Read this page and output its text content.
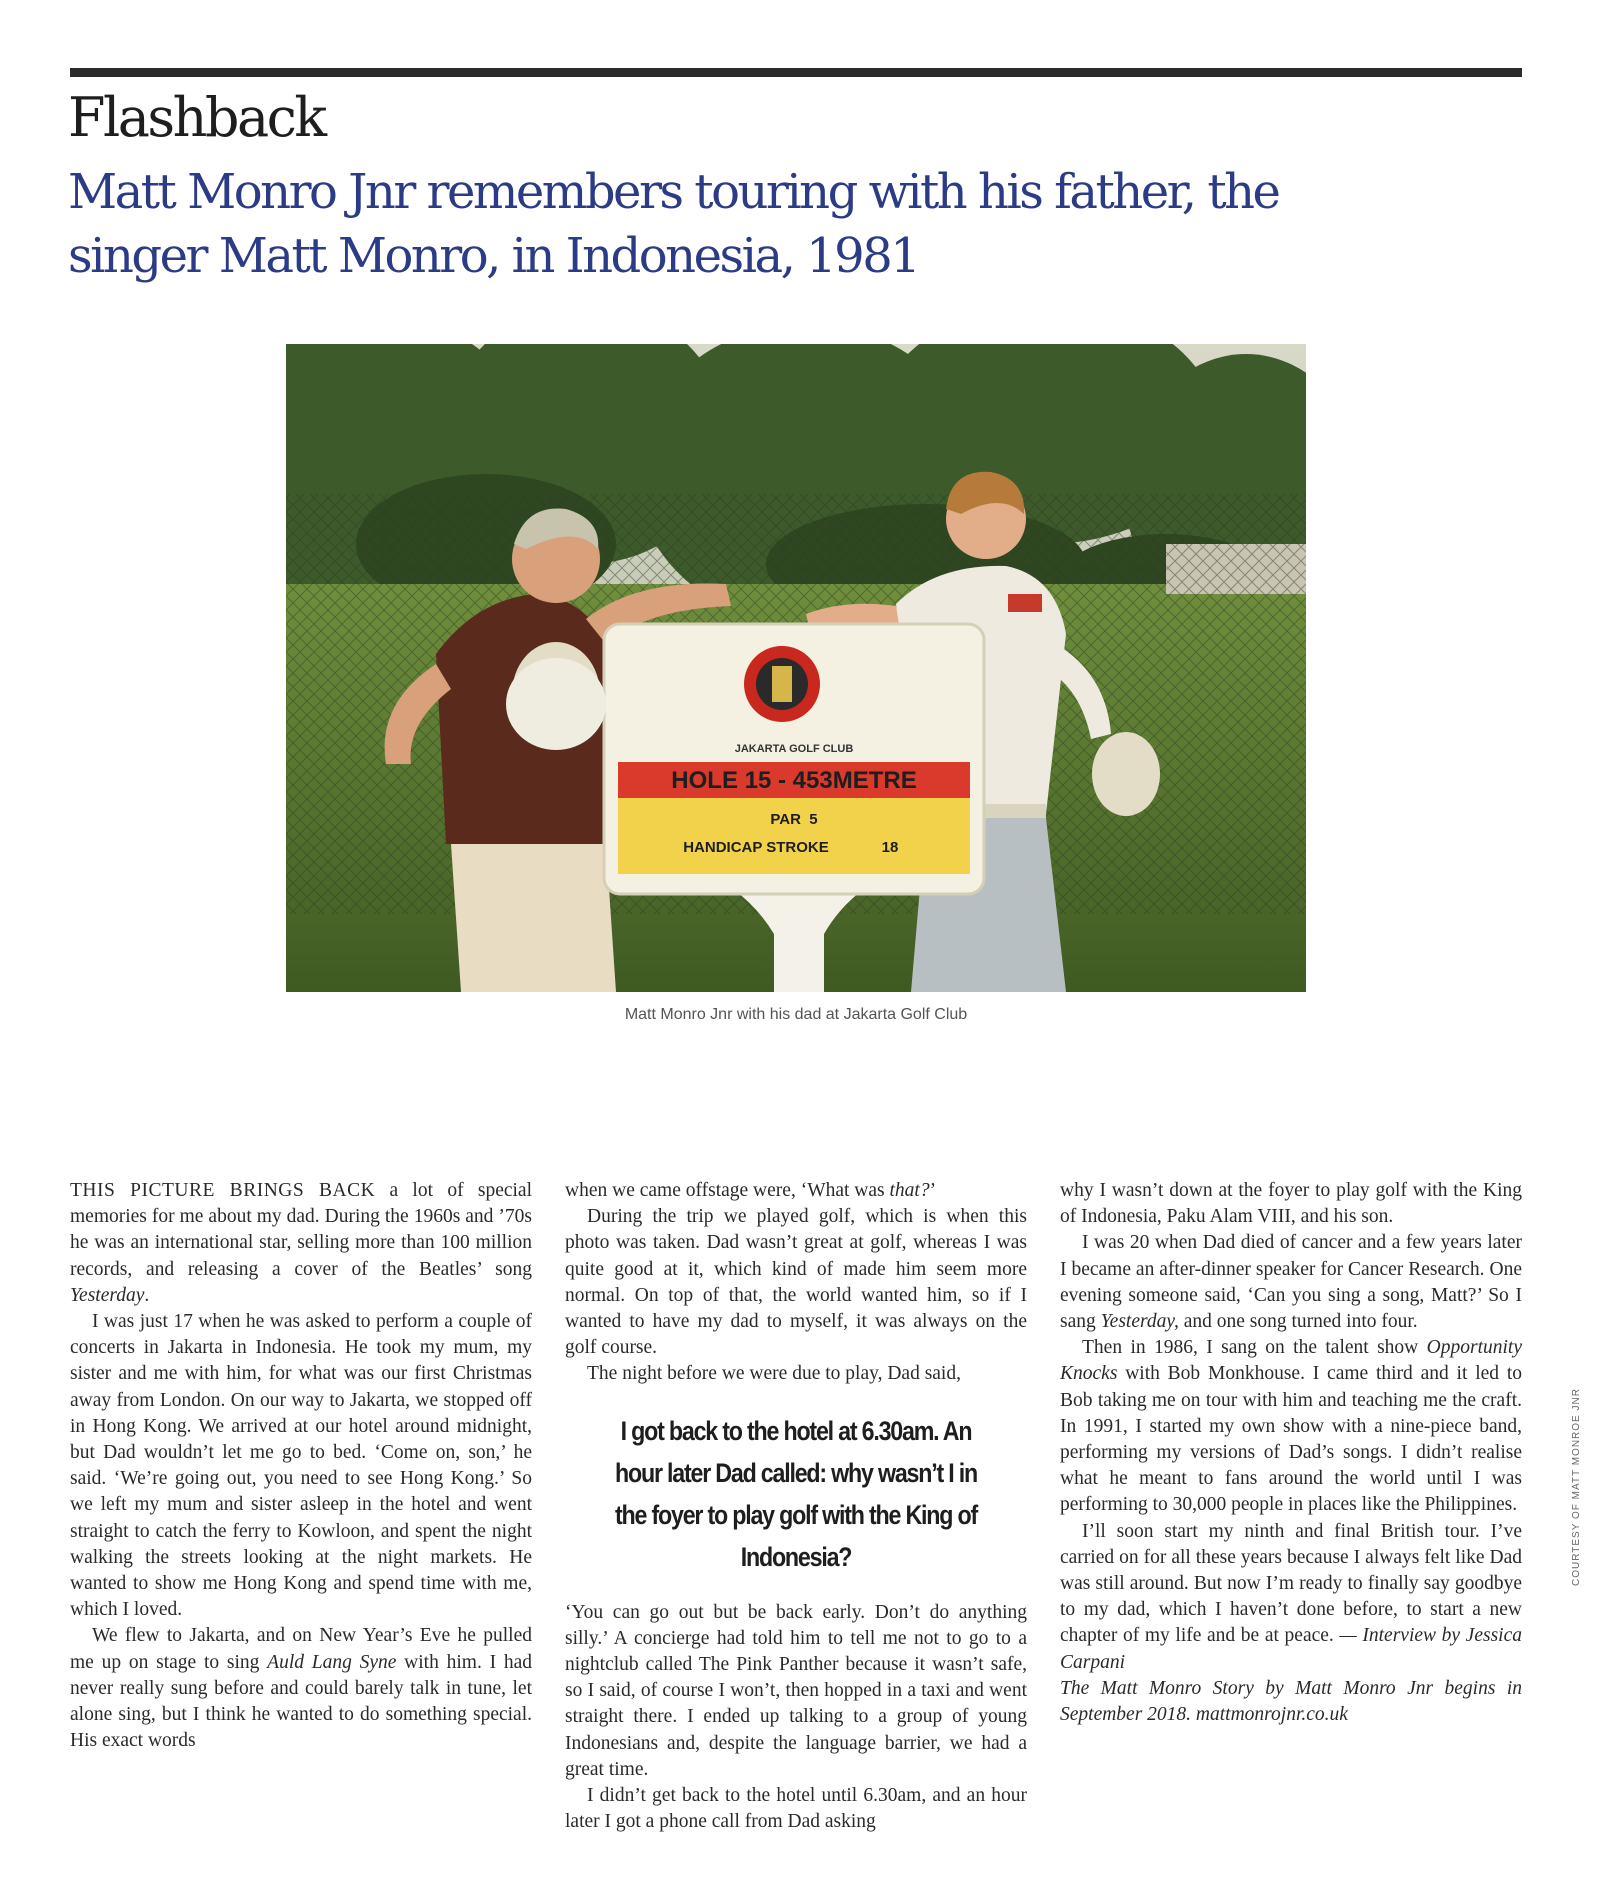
Flashback
Matt Monro Jnr remembers touring with his father, the singer Matt Monro, in Indonesia, 1981
JAKARTA GOLF CLUB
HOLE 15 - 453METRE
PAR  5
HANDICAP STROKE	18
Matt Monro Jnr with his dad at Jakarta Golf Club

THIS PICTURE BRINGS BACK a lot of special memories for me about my dad. During the 1960s and ’70s he was an international star, selling more than 100 million records, and releasing a cover of the Beatles’ song Yesterday.

I was just 17 when he was asked to perform a couple of concerts in Jakarta in Indonesia. He took my mum, my sister and me with him, for what was our first Christmas away from London. On our way to Jakarta, we stopped off in Hong Kong. We arrived at our hotel around midnight, but Dad wouldn’t let me go to bed. ‘Come on, son,’ he said. ‘We’re going out, you need to see Hong Kong.’ So we left my mum and sister asleep in the hotel and went straight to catch the ferry to Kowloon, and spent the night walking the streets looking at the night markets. He wanted to show me Hong Kong and spend time with me, which I loved.

We flew to Jakarta, and on New Year’s Eve he pulled me up on stage to sing Auld Lang Syne with him. I had never really sung before and could barely talk in tune, let alone sing, but I think he wanted to do something special. His exact words

when we came offstage were, ‘What was that?’

During the trip we played golf, which is when this photo was taken. Dad wasn’t great at golf, whereas I was quite good at it, which kind of made him seem more normal. On top of that, the world wanted him, so if I wanted to have my dad to myself, it was always on the golf course.

The night before we were due to play, Dad said,

I got back to the hotel at 6.30am. An hour later Dad called: why wasn’t I in the foyer to play golf with the King of Indonesia?

‘You can go out but be back early. Don’t do anything silly.’ A concierge had told him to tell me not to go to a nightclub called The Pink Panther because it wasn’t safe, so I said, of course I won’t, then hopped in a taxi and went straight there. I ended up talking to a group of young Indonesians and, despite the language barrier, we had a great time.

I didn’t get back to the hotel until 6.30am, and an hour later I got a phone call from Dad asking

why I wasn’t down at the foyer to play golf with the King of Indonesia, Paku Alam VIII, and his son.

I was 20 when Dad died of cancer and a few years later I became an after-dinner speaker for Cancer Research. One evening someone said, ‘Can you sing a song, Matt?’ So I sang Yesterday, and one song turned into four.

Then in 1986, I sang on the talent show Opportunity Knocks with Bob Monkhouse. I came third and it led to Bob taking me on tour with him and teaching me the craft. In 1991, I started my own show with a nine-piece band, performing my versions of Dad’s songs. I didn’t realise what he meant to fans around the world until I was performing to 30,000 people in places like the Philippines.

I’ll soon start my ninth and final British tour. I’ve carried on for all these years because I always felt like Dad was still around. But now I’m ready to finally say goodbye to my dad, which I haven’t done before, to start a new chapter of my life and be at peace. — Interview by Jessica Carpani

The Matt Monro Story by Matt Monro Jnr begins in September 2018. mattmonrojnr.co.uk

COURTESY OF MATT MONROE JNR
